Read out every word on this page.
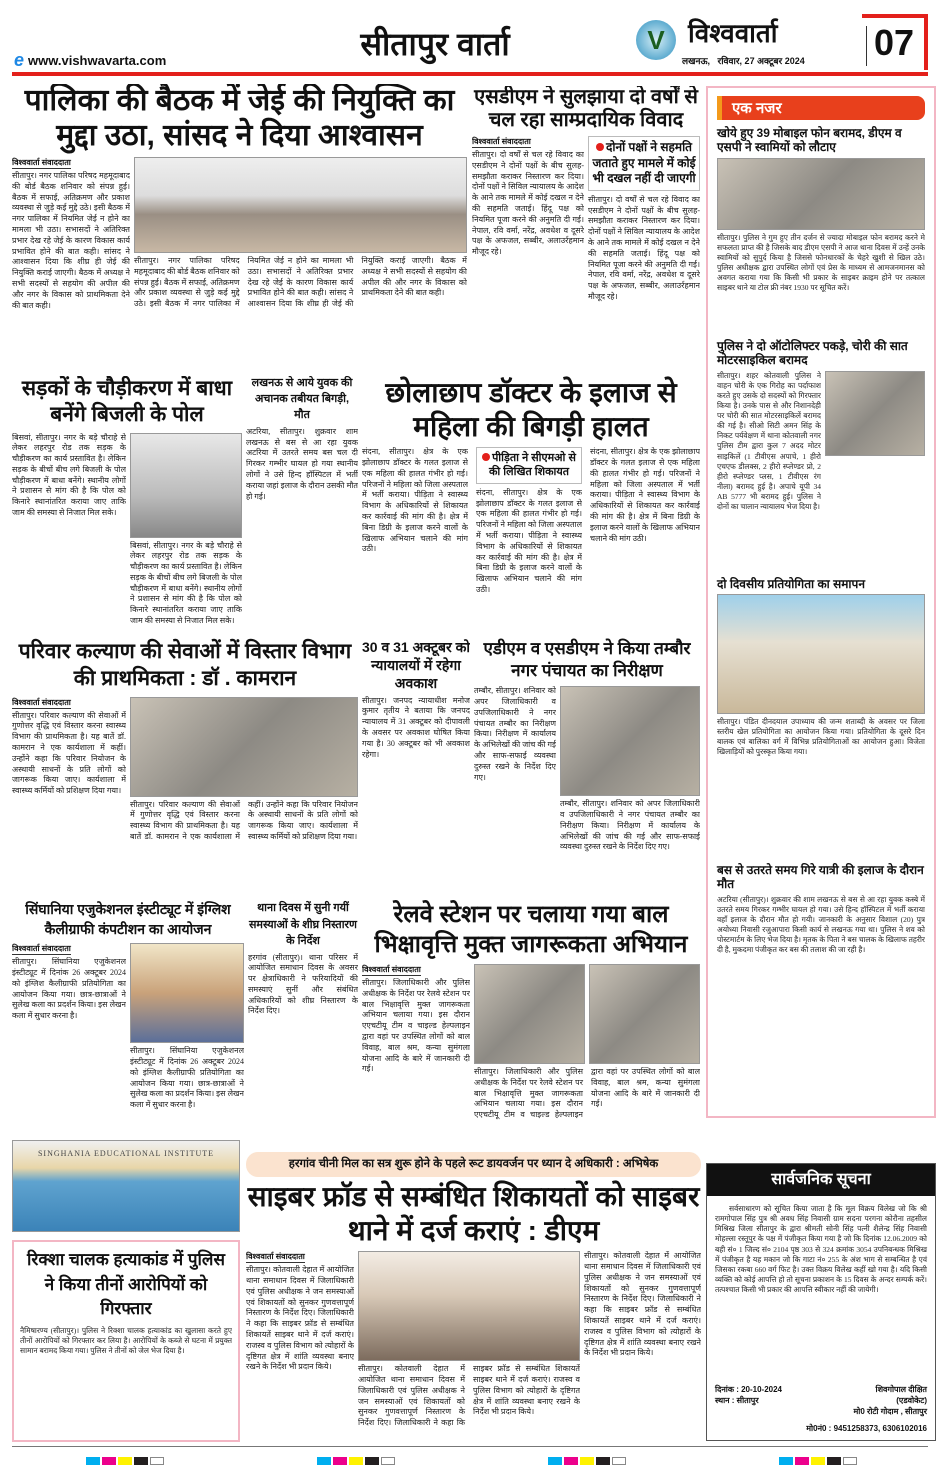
e www.vishwavarta.com	सीतापुर वार्ता	V विश्ववार्ता
लखनऊ,   रविवार, 27 अक्टूबर 2024 07
पालिका की बैठक में जेई की नियुक्ति का मुद्दा उठा, सांसद ने दिया आश्वासन
विश्ववार्ता संवाददाता
सीतापुर। नगर पालिका परिषद महमूदाबाद की बोर्ड बैठक शनिवार को संपन्न हुई। बैठक में सफाई, अतिक्रमण और प्रकाश व्यवस्था से जुड़े कई मुद्दे उठे। इसी बैठक में नगर पालिका में नियमित जेई न होने का मामला भी उठा। सभासदों ने अतिरिक्त प्रभार देख रहे जेई के कारण विकास कार्य प्रभावित होने की बात कही। सांसद ने आश्वासन दिया कि शीघ्र ही जेई की नियुक्ति कराई जाएगी। बैठक में अध्यक्ष ने सभी सदस्यों से सहयोग की अपील की और नगर के विकास को प्राथमिकता देने की बात कही।
सीतापुर। नगर पालिका परिषद महमूदाबाद की बोर्ड बैठक शनिवार को संपन्न हुई। बैठक में सफाई, अतिक्रमण और प्रकाश व्यवस्था से जुड़े कई मुद्दे उठे। इसी बैठक में नगर पालिका में नियमित जेई न होने का मामला भी उठा। सभासदों ने अतिरिक्त प्रभार देख रहे जेई के कारण विकास कार्य प्रभावित होने की बात कही। सांसद ने आश्वासन दिया कि शीघ्र ही जेई की नियुक्ति कराई जाएगी। बैठक में अध्यक्ष ने सभी सदस्यों से सहयोग की अपील की और नगर के विकास को प्राथमिकता देने की बात कही।
एसडीएम ने सुलझाया दो वर्षों से चल रहा साम्प्रदायिक विवाद
विश्ववार्ता संवाददाता
सीतापुर। दो वर्षों से चल रहे विवाद का एसडीएम ने दोनों पक्षों के बीच सुलह-समझौता कराकर निस्तारण कर दिया। दोनों पक्षों ने सिविल न्यायालय के आदेश के आने तक मामले में कोई दखल न देने की सहमति जताई। हिंदू पक्ष को नियमित पूजा करने की अनुमति दी गई। नेपाल, रवि वर्मा, नरेंद्र, अवधेश व दूसरे पक्ष के अफजल, सब्बीर, अलाउर्रहमान मौजूद रहे।
दोनों पक्षों ने सहमति जताते हुए मामले में कोई भी दखल नहीं दी जाएगी
सीतापुर। दो वर्षों से चल रहे विवाद का एसडीएम ने दोनों पक्षों के बीच सुलह-समझौता कराकर निस्तारण कर दिया। दोनों पक्षों ने सिविल न्यायालय के आदेश के आने तक मामले में कोई दखल न देने की सहमति जताई। हिंदू पक्ष को नियमित पूजा करने की अनुमति दी गई। नेपाल, रवि वर्मा, नरेंद्र, अवधेश व दूसरे पक्ष के अफजल, सब्बीर, अलाउर्रहमान मौजूद रहे।
एक नजर
खोये हुए 39 मोबाइल फोन बरामद, डीएम व एसपी ने स्वामियों को लौटाए
सीतापुर। पुलिस ने गुम हुए तीन दर्जन से ज्यादा मोबाइल फोन बरामद करने मे सफलता प्राप्त की है जिसके बाद डीएम एसपी ने आज थाना दिवस में उन्हें उनके स्वामियों को सुपुर्द किया है जिससे फोनधारकों के चेहरे खुशी से खिल उठे। पुलिस अधीक्षक द्वारा उपस्थित लोगों एवं प्रेस के माध्यम से आमजनमानस को अवगत कराया गया कि किसी भी प्रकार के साइबर क्राइम होने पर तत्काल साइबर थाने या टोल फ्री नंबर 1930 पर सूचित करें।
पुलिस ने दो ऑटोलिफ्टर पकड़े, चोरी की सात मोटरसाइकिल बरामद
सीतापुर। शहर कोतवाली पुलिस ने वाहन चोरी के एक गिरोह का पर्दाफाश करते हुए उसके दो सदस्यों को गिरफ्तार किया है। उनके पास से और निशानदेही पर चोरी की सात मोटरसाइकिलें बरामद की गई है। सीओ सिटी अमन सिंह के निकट पर्यवेक्षण में थाना कोतवाली नगर पुलिस टीम द्वारा कुल 7 अदद मोटर साइकिलें (1 टीवीएस अपाचे, 1 हीरो एचएफ डीलक्स, 2 हीरो स्प्लेण्डर प्रो, 2 हीरो स्प्लेण्डर प्लस, 1 टीवीएस रंग नीला) बरामद हुई है। अपाचे यूपी 34 AB 5777 भी बरामद हुई। पुलिस ने दोनों का चालान न्यायालय भेज दिया है।
दो दिवसीय प्रतियोगिता का समापन
सीतापुर। पंडित दीनदयाल उपाध्याय की जन्म शताब्दी के अवसर पर जिला स्तरीय खेल प्रतियोगिता का आयोजन किया गया। प्रतियोगिता के दूसरे दिन बालक एवं बालिका वर्ग में विभिन्न प्रतियोगिताओं का आयोजन हुआ। विजेता खिलाड़ियों को पुरस्कृत किया गया।
बस से उतरते समय गिरे यात्री की इलाज के दौरान मौत
अटरिया (सीतापुर)। शुक्रवार की शाम लखनऊ से बस से आ रहा युवक कस्बे में उतरते समय गिरकर गम्भीर घायल हो गया। उसे हिन्द हॉस्पिटल में भर्ती कराया वहाँ इलाज के दौरान मौत हो गयी। जानकारी के अनुसार विशाल (20) पुत्र अयोध्या निवासी रजुआपारा किसी कार्य से लखनऊ गया था। पुलिस ने शव को पोस्टमार्टम के लिए भेज दिया है। मृतक के पिता ने बस चालक के खिलाफ तहरीर दी है, मुकदमा पंजीकृत कर बस की तलाश की जा रही है।
सड़कों के चौड़ीकरण में बाधा बनेंगे बिजली के पोल
बिसवां, सीतापुर। नगर के बड़े चौराहे से लेकर लहरपुर रोड तक सड़क के चौड़ीकरण का कार्य प्रस्तावित है। लेकिन सड़क के बीचों बीच लगे बिजली के पोल चौड़ीकरण में बाधा बनेंगे। स्थानीय लोगों ने प्रशासन से मांग की है कि पोल को किनारे स्थानांतरित कराया जाए ताकि जाम की समस्या से निजात मिल सके।
बिसवां, सीतापुर। नगर के बड़े चौराहे से लेकर लहरपुर रोड तक सड़क के चौड़ीकरण का कार्य प्रस्तावित है। लेकिन सड़क के बीचों बीच लगे बिजली के पोल चौड़ीकरण में बाधा बनेंगे। स्थानीय लोगों ने प्रशासन से मांग की है कि पोल को किनारे स्थानांतरित कराया जाए ताकि जाम की समस्या से निजात मिल सके।
लखनऊ से आये युवक की अचानक तबीयत बिगड़ी, मौत
अटरिया, सीतापुर। शुक्रवार शाम लखनऊ से बस से आ रहा युवक अटरिया में उतरते समय बस चल दी गिरकर गम्भीर घायल हो गया स्थानीय लोगों ने उसे हिन्द हॉस्पिटल में भर्ती कराया जहां इलाज के दौरान उसकी मौत हो गई।
छोलाछाप डॉक्टर के इलाज से महिला की बिगड़ी हालत
संदना, सीतापुर। क्षेत्र के एक झोलाछाप डॉक्टर के गलत इलाज से एक महिला की हालत गंभीर हो गई। परिजनों ने महिला को जिला अस्पताल में भर्ती कराया। पीड़िता ने स्वास्थ्य विभाग के अधिकारियों से शिकायत कर कार्रवाई की मांग की है। क्षेत्र में बिना डिग्री के इलाज करने वालों के खिलाफ अभियान चलाने की मांग उठी।
पीड़िता ने सीएमओ से की लिखित शिकायत
संदना, सीतापुर। क्षेत्र के एक झोलाछाप डॉक्टर के गलत इलाज से एक महिला की हालत गंभीर हो गई। परिजनों ने महिला को जिला अस्पताल में भर्ती कराया। पीड़िता ने स्वास्थ्य विभाग के अधिकारियों से शिकायत कर कार्रवाई की मांग की है। क्षेत्र में बिना डिग्री के इलाज करने वालों के खिलाफ अभियान चलाने की मांग उठी।
संदना, सीतापुर। क्षेत्र के एक झोलाछाप डॉक्टर के गलत इलाज से एक महिला की हालत गंभीर हो गई। परिजनों ने महिला को जिला अस्पताल में भर्ती कराया। पीड़िता ने स्वास्थ्य विभाग के अधिकारियों से शिकायत कर कार्रवाई की मांग की है। क्षेत्र में बिना डिग्री के इलाज करने वालों के खिलाफ अभियान चलाने की मांग उठी।
परिवार कल्याण की सेवाओं में विस्तार विभाग की प्राथमिकता : डॉ . कामरान
विश्ववार्ता संवाददाता
सीतापुर। परिवार कल्याण की सेवाओं में गुणोत्तर वृद्धि एवं विस्तार करना स्वास्थ्य विभाग की प्राथमिकता है। यह बातें डॉ. कामरान ने एक कार्यशाला में कहीं। उन्होंने कहा कि परिवार नियोजन के अस्थायी साधनों के प्रति लोगों को जागरूक किया जाए। कार्यशाला में स्वास्थ्य कर्मियों को प्रशिक्षण दिया गया।
सीतापुर। परिवार कल्याण की सेवाओं में गुणोत्तर वृद्धि एवं विस्तार करना स्वास्थ्य विभाग की प्राथमिकता है। यह बातें डॉ. कामरान ने एक कार्यशाला में कहीं। उन्होंने कहा कि परिवार नियोजन के अस्थायी साधनों के प्रति लोगों को जागरूक किया जाए। कार्यशाला में स्वास्थ्य कर्मियों को प्रशिक्षण दिया गया।
30 व 31 अक्टूबर को न्यायालयों में रहेगा अवकाश
सीतापुर। जनपद न्यायाधीश मनोज कुमार तृतीय ने बताया कि जनपद न्यायालय में 31 अक्टूबर को दीपावली के अवसर पर अवकाश घोषित किया गया है। 30 अक्टूबर को भी अवकाश रहेगा।
एडीएम व एसडीएम ने किया तम्बौर नगर पंचायत का निरीक्षण
तम्बौर, सीतापुर। शनिवार को अपर जिलाधिकारी व उपजिलाधिकारी ने नगर पंचायत तम्बौर का निरीक्षण किया। निरीक्षण में कार्यालय के अभिलेखों की जांच की गई और साफ-सफाई व्यवस्था दुरुस्त रखने के निर्देश दिए गए।
तम्बौर, सीतापुर। शनिवार को अपर जिलाधिकारी व उपजिलाधिकारी ने नगर पंचायत तम्बौर का निरीक्षण किया। निरीक्षण में कार्यालय के अभिलेखों की जांच की गई और साफ-सफाई व्यवस्था दुरुस्त रखने के निर्देश दिए गए।
सिंघानिया एजुकेशनल इंस्टीट्यूट में इंग्लिश कैलीग्राफी कंपटीशन का आयोजन
विश्ववार्ता संवाददाता
सीतापुर। सिंघानिया एजुकेशनल इंस्टीट्यूट में दिनांक 26 अक्टूबर 2024 को इंग्लिश कैलीग्राफी प्रतियोगिता का आयोजन किया गया। छात्र-छात्राओं ने सुलेख कला का प्रदर्शन किया। इस लेखन कला में सुधार करना है।
सीतापुर। सिंघानिया एजुकेशनल इंस्टीट्यूट में दिनांक 26 अक्टूबर 2024 को इंग्लिश कैलीग्राफी प्रतियोगिता का आयोजन किया गया। छात्र-छात्राओं ने सुलेख कला का प्रदर्शन किया। इस लेखन कला में सुधार करना है।
SINGHANIA EDUCATIONAL INSTITUTE
थाना दिवस में सुनी गयीं समस्याओं के शीघ्र निस्तारण के निर्देश
हरगांव (सीतापुर)। थाना परिसर में आयोजित समाधान दिवस के अवसर पर क्षेत्राधिकारी ने फरियादियों की समस्याएं सुनीं और संबंधित अधिकारियों को शीघ्र निस्तारण के निर्देश दिए।
रेलवे स्टेशन पर चलाया गया बाल भिक्षावृत्ति मुक्त जागरूकता अभियान
विश्ववार्ता संवाददाता
सीतापुर। जिलाधिकारी और पुलिस अधीक्षक के निर्देश पर रेलवे स्टेशन पर बाल भिक्षावृत्ति मुक्त जागरूकता अभियान चलाया गया। इस दौरान एएचटीयू टीम व चाइल्ड हेल्पलाइन द्वारा वहां पर उपस्थित लोगों को बाल विवाह, बाल श्रम, कन्या सुमंगला योजना आदि के बारे में जानकारी दी गई।	सीतापुर। जिलाधिकारी और पुलिस अधीक्षक के निर्देश पर रेलवे स्टेशन पर बाल भिक्षावृत्ति मुक्त जागरूकता अभियान चलाया गया। इस दौरान एएचटीयू टीम व चाइल्ड हेल्पलाइन द्वारा वहां पर उपस्थित लोगों को बाल विवाह, बाल श्रम, कन्या सुमंगला योजना आदि के बारे में जानकारी दी गई।
हरगांव चीनी मिल का सत्र शुरू होने के पहले रूट डायवर्जन पर ध्यान दे अधिकारी : अभिषेक
साइबर फ्रॉड से सम्बंधित शिकायतों को साइबर थाने में दर्ज कराएं : डीएम
विश्ववार्ता संवाददाता
सीतापुर। कोतवाली देहात में आयोजित थाना समाधान दिवस में जिलाधिकारी एवं पुलिस अधीक्षक ने जन समस्याओं एवं शिकायतों को सुनकर गुणवत्तापूर्ण निस्तारण के निर्देश दिए। जिलाधिकारी ने कहा कि साइबर फ्रॉड से सम्बंधित शिकायतें साइबर थाने में दर्ज कराएं। राजस्व व पुलिस विभाग को त्योहारों के दृष्टिगत क्षेत्र में शांति व्यवस्था बनाए रखने के निर्देश भी प्रदान किये।	सीतापुर। कोतवाली देहात में आयोजित थाना समाधान दिवस में जिलाधिकारी एवं पुलिस अधीक्षक ने जन समस्याओं एवं शिकायतों को सुनकर गुणवत्तापूर्ण निस्तारण के निर्देश दिए। जिलाधिकारी ने कहा कि साइबर फ्रॉड से सम्बंधित शिकायतें साइबर थाने में दर्ज कराएं। राजस्व व पुलिस विभाग को त्योहारों के दृष्टिगत क्षेत्र में शांति व्यवस्था बनाए रखने के निर्देश भी प्रदान किये।
सीतापुर। कोतवाली देहात में आयोजित थाना समाधान दिवस में जिलाधिकारी एवं पुलिस अधीक्षक ने जन समस्याओं एवं शिकायतों को सुनकर गुणवत्तापूर्ण निस्तारण के निर्देश दिए। जिलाधिकारी ने कहा कि साइबर फ्रॉड से सम्बंधित शिकायतें साइबर थाने में दर्ज कराएं। राजस्व व पुलिस विभाग को त्योहारों के दृष्टिगत क्षेत्र में शांति व्यवस्था बनाए रखने के निर्देश भी प्रदान किये।
रिक्शा चालक हत्याकांड में पुलिस ने किया तीनों आरोपियों को गिरफ्तार
नैमिषारण्य (सीतापुर)। पुलिस ने रिक्शा चालक हत्याकांड का खुलासा करते हुए तीनों आरोपियों को गिरफ्तार कर लिया है। आरोपियों के कब्जे से घटना में प्रयुक्त सामान बरामद किया गया। पुलिस ने तीनों को जेल भेज दिया है।
सार्वजनिक सूचना
सर्वसाधारण को सूचित किया जाता है कि मूल विक्रय विलेख जो कि श्री रामगोपाल सिंह पुत्र श्री अवध सिंह निवासी ग्राम सदना परगना कोरौना तहसील मिश्रिख जिला सीतापुर के द्वारा श्रीमती सोनी सिंह पत्नी शैलेन्द्र सिंह निवासी मोहल्ला रस्तूपुर के पक्ष में पंजीकृत किया गया है जो कि दिनांक 12.06.2009 को बही सं० 1 जिल्द सं० 2104 पृष्ठ 303 से 324 क्रमांक 3054 उपनिबन्धक मिश्रिख में पंजीकृत है यह मकान जो कि गाटा नं० 255 के अंश भाग से सम्बन्धित है एवं जिसका रकबा 660 वर्ग फिट है। उक्त विक्रय विलेख कहीं खो गया है। यदि किसी व्यक्ति को कोई आपत्ति हो तो सूचना प्रकाशन के 15 दिवस के अन्दर सम्पर्क करें। तत्पश्चात किसी भी प्रकार की आपत्ति स्वीकार नहीं की जायेगी।
दिनांक : 20-10-2024
स्थान : सीतापुर
शिवगोपाल दीक्षित
(एडवोकेट)
मो0 रोटी गोदाम , सीतापुर
मो0नं0 : 9451258373, 6306102016
